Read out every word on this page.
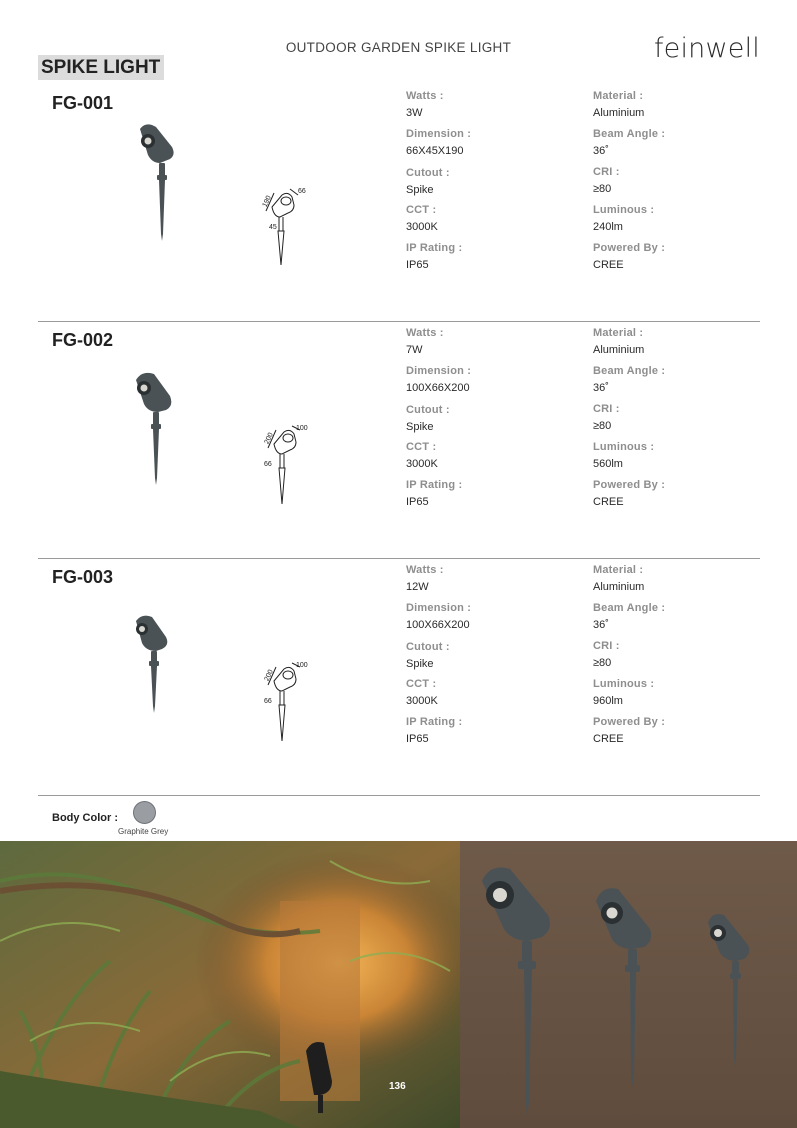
OUTDOOR GARDEN SPIKE LIGHT	feinwell
SPIKE LIGHT
FG-001
190
66
45
Watts :
3W
Dimension :
66X45X190
Cutout :
Spike
CCT :
3000K
IP Rating :
IP65
Material :
Aluminium
Beam Angle :
36˚
CRI :
≥80
Luminous :
240lm
Powered By :
CREE
FG-002
200
100
66
Watts :
7W
Dimension :
100X66X200
Cutout :
Spike
CCT :
3000K
IP Rating :
IP65
Material :
Aluminium
Beam Angle :
36˚
CRI :
≥80
Luminous :
560lm
Powered By :
CREE
FG-003
200
100
66
Watts :
12W
Dimension :
100X66X200
Cutout :
Spike
CCT :
3000K
IP Rating :
IP65
Material :
Aluminium
Beam Angle :
36˚
CRI :
≥80
Luminous :
960lm
Powered By :
CREE
Body Color :
Graphite Grey
136
